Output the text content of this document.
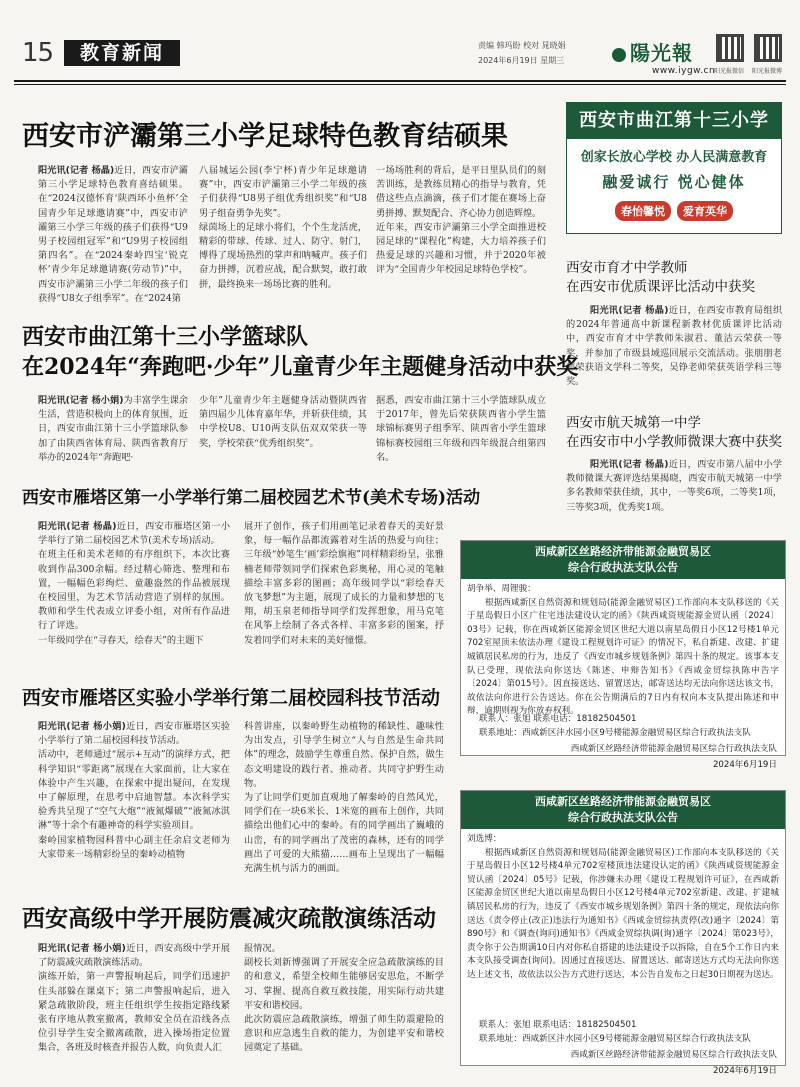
15	教育新闻	责编 韩玛盼 校对 晁晓娟
2024年6月19日 星期三	陽光報
www.iygw.cn
阳光报微信 阳光报微博
西安市浐灞第三小学足球特色教育结硕果
阳光讯(记者 杨晶)近日，西安市浐灞第三小学足球特色教育喜结硕果。在“2024汉德怀育‘陕西环小鱼杯’全国青少年足球邀请赛”中，西安市浐灞第三小学三年级的孩子们获得“U9男子校园组冠军”和“U9男子校园组第四名”。在“2024秦岭四宝‘锐克杯’青少年足球邀请赛(劳动节)”中，西安市浐灞第三小学二年级的孩子们获得“U8女子组季军”。在“2024第
八届城运公园(李宁杯)青少年足球邀请赛”中，西安市浐灞第三小学二年级的孩子们获得“U8男子组优秀组织奖”和“U8男子组奋勇争先奖”。
绿茵场上的足球小将们，个个生龙活虎，精彩的带球、传球、过人、防守、射门，博得了现场热烈的掌声和呐喊声。孩子们奋力拼搏，沉着应战，配合默契，敢打敢拼，最终换来一场场比赛的胜利。
一场场胜利的背后，是平日里队员们的刻苦训练，是教练员精心的指导与教育，凭借这些点点滴滴，孩子们才能在赛场上奋勇拼搏、默契配合、齐心协力创造辉煌。
近年来，西安市浐灞第三小学全面推进校园足球的“课程化”构建，大力培养孩子们热爱足球的兴趣和习惯，并于2020年被评为“全国青少年校园足球特色学校”。
西安市曲江第十三小学
创家长放心学校 办人民满意教育
融爱诚行 悦心健体
春怡馨悦 爱育英华
西安市育才中学教师
在西安市优质课评比活动中获奖
阳光讯(记者 杨晶)近日，在西安市教育局组织的2024年普通高中新课程新教材优质课评比活动中，西安市育才中学教师朱淑君、董洁云荣获一等奖，并参加了市级县域巡回展示交流活动。张朋朋老师荣获语文学科二等奖，吴铮老师荣获英语学科三等奖。
西安市曲江第十三小学篮球队
在2024年“奔跑吧·少年”儿童青少年主题健身活动中获奖
阳光讯(记者 杨小娟)为丰富学生课余生活，营造积极向上的体育氛围，近日，西安市曲江第十三小学篮球队参加了由陕西省体育局、陕西省教育厅举办的2024年“奔跑吧·
少年”儿童青少年主题健身活动暨陕西省第四届少儿体育嘉年华，并斩获佳绩，其中学校U8、U10两支队伍双双荣获一等奖，学校荣获“优秀组织奖”。
据悉，西安市曲江第十三小学篮球队成立于2017年，曾先后荣获陕西省小学生篮球锦标赛男子组季军、陕西省小学生篮球锦标赛校园组三年级和四年级混合组第四名。
西安市航天城第一中学
在西安市中小学教师微课大赛中获奖
阳光讯(记者 杨晶)近日，西安市第八届中小学教师微课大赛评选结果揭晓，西安市航天城第一中学多名教师荣获佳绩，其中，一等奖6项，二等奖1项，三等奖3项，优秀奖1项。
西安市雁塔区第一小学举行第二届校园艺术节(美术专场)活动
阳光讯(记者 杨晶)近日，西安市雁塔区第一小学举行了第二届校园艺术节(美术专场)活动。
在班主任和美术老师的有序组织下，本次比赛收到作品300余幅。经过精心筛选、整理和布置，一幅幅色彩绚烂、童趣盎然的作品被展现在校园里，为艺术节活动营造了别样的氛围。教师和学生代表成立评委小组，对所有作品进行了评选。
一年级同学在“寻春天，绘春天”的主题下
展开了创作，孩子们用画笔记录着春天的美好景象，每一幅作品都流露着对生活的热爱与向往；三年级“妙笔生‘画’彩绘旗袍”同样精彩纷呈，张雅楠老师带领同学们探索色彩奥秘，用心灵的笔触描绘丰富多彩的图画；高年级同学以“彩绘春天 放飞梦想”为主题，展现了成长的力量和梦想的飞翔，胡玉泉老师指导同学们发挥想象，用马克笔在风筝上绘制了各式各样、丰富多彩的图案，抒发着同学们对未来的美好憧憬。
西咸新区丝路经济带能源金融贸易区
综合行政执法支队公告
胡争举、周锂骏：
根据西咸新区自然资源和规划局(能源金融贸易区)工作部向本支队移送的《关于星岛假日小区广住宅违法建设认定的函》《陕西咸资规能源金贸认函〔2024〕03号》记载，你在西咸新区能源金贸区世纪大道以南星岛假日小区12号楼1单元702室屋顶未依法办理《建设工程规划许可证》的情况下，私自新建、改建、扩建城镇居民私房的行为，违反了《西安市城乡规划条例》第四十条的规定。该事本支队已受理，现依法向你送达《陈述、申辩告知书》《西咸金贸综执陈申告字〔2024〕第015号》。因直接送达、留置送达，邮寄送达均无法向你送达该文书，故依法向你进行公告送达。你在公告期满后的7日内有权向本支队提出陈述和申辩，逾期则视为你放弃权利。
联系人：张旭 联系电话：18182504501
联系地址：西咸新区沣水园小区9号楼能源金融贸易区综合行政执法支队
西咸新区丝路经济带能源金融贸易区综合行政执法支队
2024年6月19日
西安市雁塔区实验小学举行第二届校园科技节活动
阳光讯(记者 杨小娟)近日，西安市雁塔区实验小学举行了第二届校园科技节活动。
活动中，老师通过“展示+互动”的演绎方式，把科学知识“零距离”展现在大家面前，让大家在体验中产生兴趣，在探索中提出疑问，在发现中了解原理，在思考中启迪智慧。本次科学实验秀共呈现了“空气大炮”“液氮爆破”“液氮冰淇淋”等十余个有趣神奇的科学实验项目。
秦岭国家植物园科普中心副主任余启文老师为大家带来一场精彩纷呈的秦岭动植物
科普讲座，以秦岭野生动植物的稀缺性、趣味性为出发点，引导学生树立“人与自然是生命共同体”的理念，鼓励学生尊重自然、保护自然，做生态文明建设的践行者、推动者、共同守护野生动物。
为了让同学们更加直观地了解秦岭的自然风光，同学们在一块6米长、1米宽的画布上创作，共同描绘出他们心中的秦岭。有的同学画出了巍峨的山峦，有的同学画出了茂密的森林，还有的同学画出了可爱的大熊猫……画布上呈现出了一幅幅充满生机与活力的画面。
西咸新区丝路经济带能源金融贸易区
综合行政执法支队公告
刘选博：
根据西咸新区自然资源和规划局(能源金融贸易区)工作部向本支队移送的《关于星岛假日小区12号楼4单元702室楼顶违法建设认定的函》《陕西咸资规能源金贸认函〔2024〕05号》记载，你涉嫌未办理《建设工程规划许可证》，在西咸新区能源金贸区世纪大道以南星岛假日小区12号楼4单元702室新建、改建、扩建城镇居民私房的行为，违反了《西安市城乡规划条例》第四十条的规定，现依法向你送达《责令停止(改正)违法行为通知书》《西咸金贸综执责停(改)通字〔2024〕第890号》和《调查(询问)通知书》《西咸金贸综执调(询)通字〔2024〕第023号》，责令你于公告期满10日内对你私自搭建的违法建设予以拆除，自在5个工作日内来本支队接受调查(询问)。因通过直接送达、留置送达、邮寄送达方式均无法向你送达上述文书，故依法以公告方式进行送达，本公告自发布之日起30日期视为送达。
联系人：张旭 联系电话：18182504501
联系地址：西咸新区沣水园小区9号楼能源金融贸易区综合行政执法支队
西咸新区丝路经济带能源金融贸易区综合行政执法支队
2024年6月19日
西安高级中学开展防震减灾疏散演练活动
阳光讯(记者 杨小娟)近日，西安高级中学开展了防震减灾疏散演练活动。
演练开始，第一声警报响起后，同学们迅速护住头部躲在课桌下；第二声警报响起后，进入紧急疏散阶段，班主任组织学生按指定路线紧张有序地从教室撤离，教师安全员在沿线各点位引导学生安全撤离疏散，进入操场指定位置集合，各班及时核查并报告人数，向负责人汇
报情况。
副校长刘新博强调了开展安全应急疏散演练的目的和意义，希望全校师生能够居安思危，不断学习、掌握、提高自救互救技能，用实际行动共建平安和谐校园。
此次防震应急疏散演练，增强了师生防震避险的意识和应急逃生自救的能力，为创建平安和谐校园奠定了基础。
